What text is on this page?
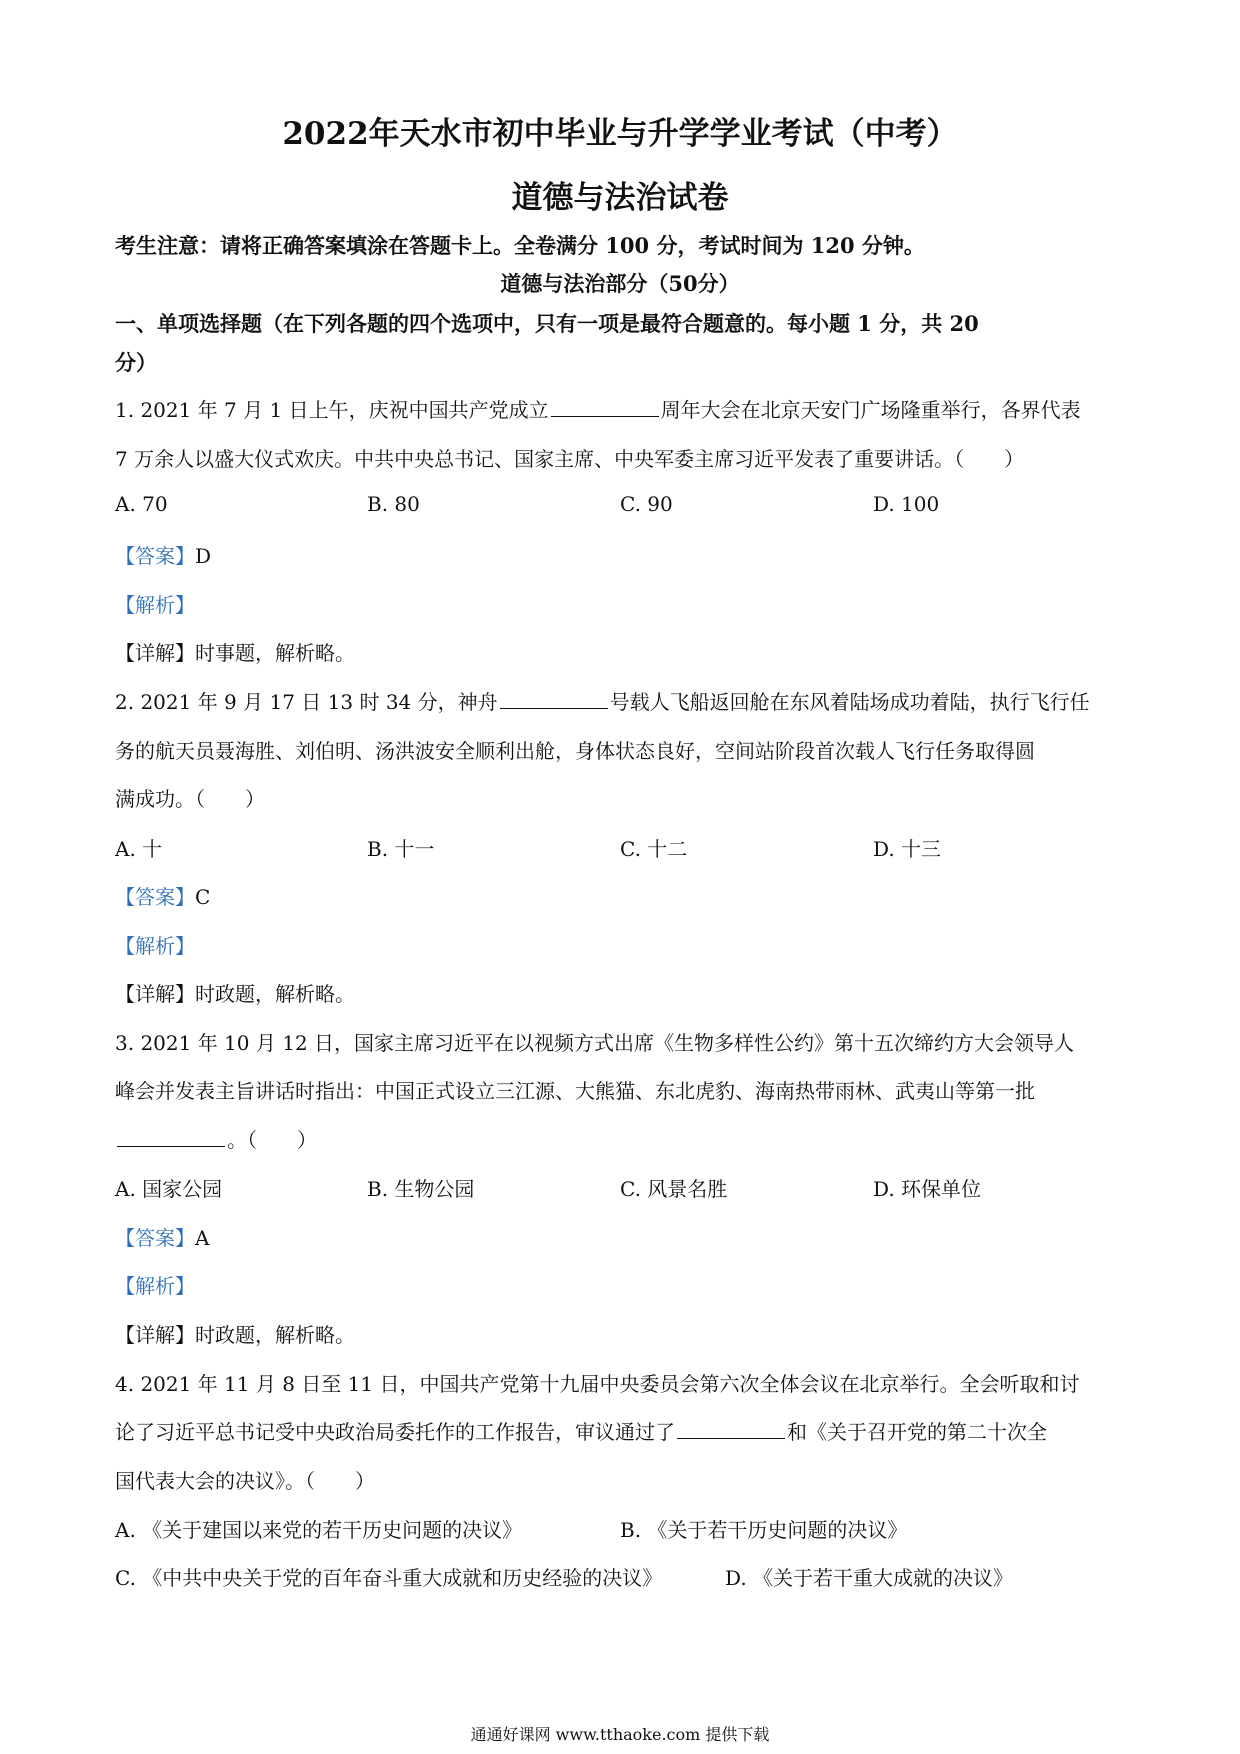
2022年天水市初中毕业与升学学业考试（中考）
道德与法治试卷
考生注意：请将正确答案填涂在答题卡上。全卷满分 100 分，考试时间为 120 分钟。
道德与法治部分（50分）
一、单项选择题（在下列各题的四个选项中，只有一项是最符合题意的。每小题 1 分，共 20
分）
1. 2021 年 7 月 1 日上午，庆祝中国共产党成立	周年大会在北京天安门广场隆重举行，各界代表
7 万余人以盛大仪式欢庆。中共中央总书记、国家主席、中央军委主席习近平发表了重要讲话。（　　）
A. 70	B. 80	C. 90	D. 100
【答案】D
【解析】
【详解】时事题，解析略。
2. 2021 年 9 月 17 日 13 时 34 分，神舟	号载人飞船返回舱在东风着陆场成功着陆，执行飞行任
务的航天员聂海胜、刘伯明、汤洪波安全顺利出舱，身体状态良好，空间站阶段首次载人飞行任务取得圆
满成功。（　　）
A. 十	B. 十一	C. 十二	D. 十三
【答案】C
【解析】
【详解】时政题，解析略。
3. 2021 年 10 月 12 日，国家主席习近平在以视频方式出席《生物多样性公约》第十五次缔约方大会领导人
峰会并发表主旨讲话时指出：中国正式设立三江源、大熊猫、东北虎豹、海南热带雨林、武夷山等第一批
。（　　）
A. 国家公园	B. 生物公园	C. 风景名胜	D. 环保单位
【答案】A
【解析】
【详解】时政题，解析略。
4. 2021 年 11 月 8 日至 11 日，中国共产党第十九届中央委员会第六次全体会议在北京举行。全会听取和讨
论了习近平总书记受中央政治局委托作的工作报告，审议通过了	和《关于召开党的第二十次全
国代表大会的决议》。（　　）
A. 《关于建国以来党的若干历史问题的决议》	B. 《关于若干历史问题的决议》
C. 《中共中央关于党的百年奋斗重大成就和历史经验的决议》	D. 《关于若干重大成就的决议》
通通好课网 www.tthaoke.com 提供下载
